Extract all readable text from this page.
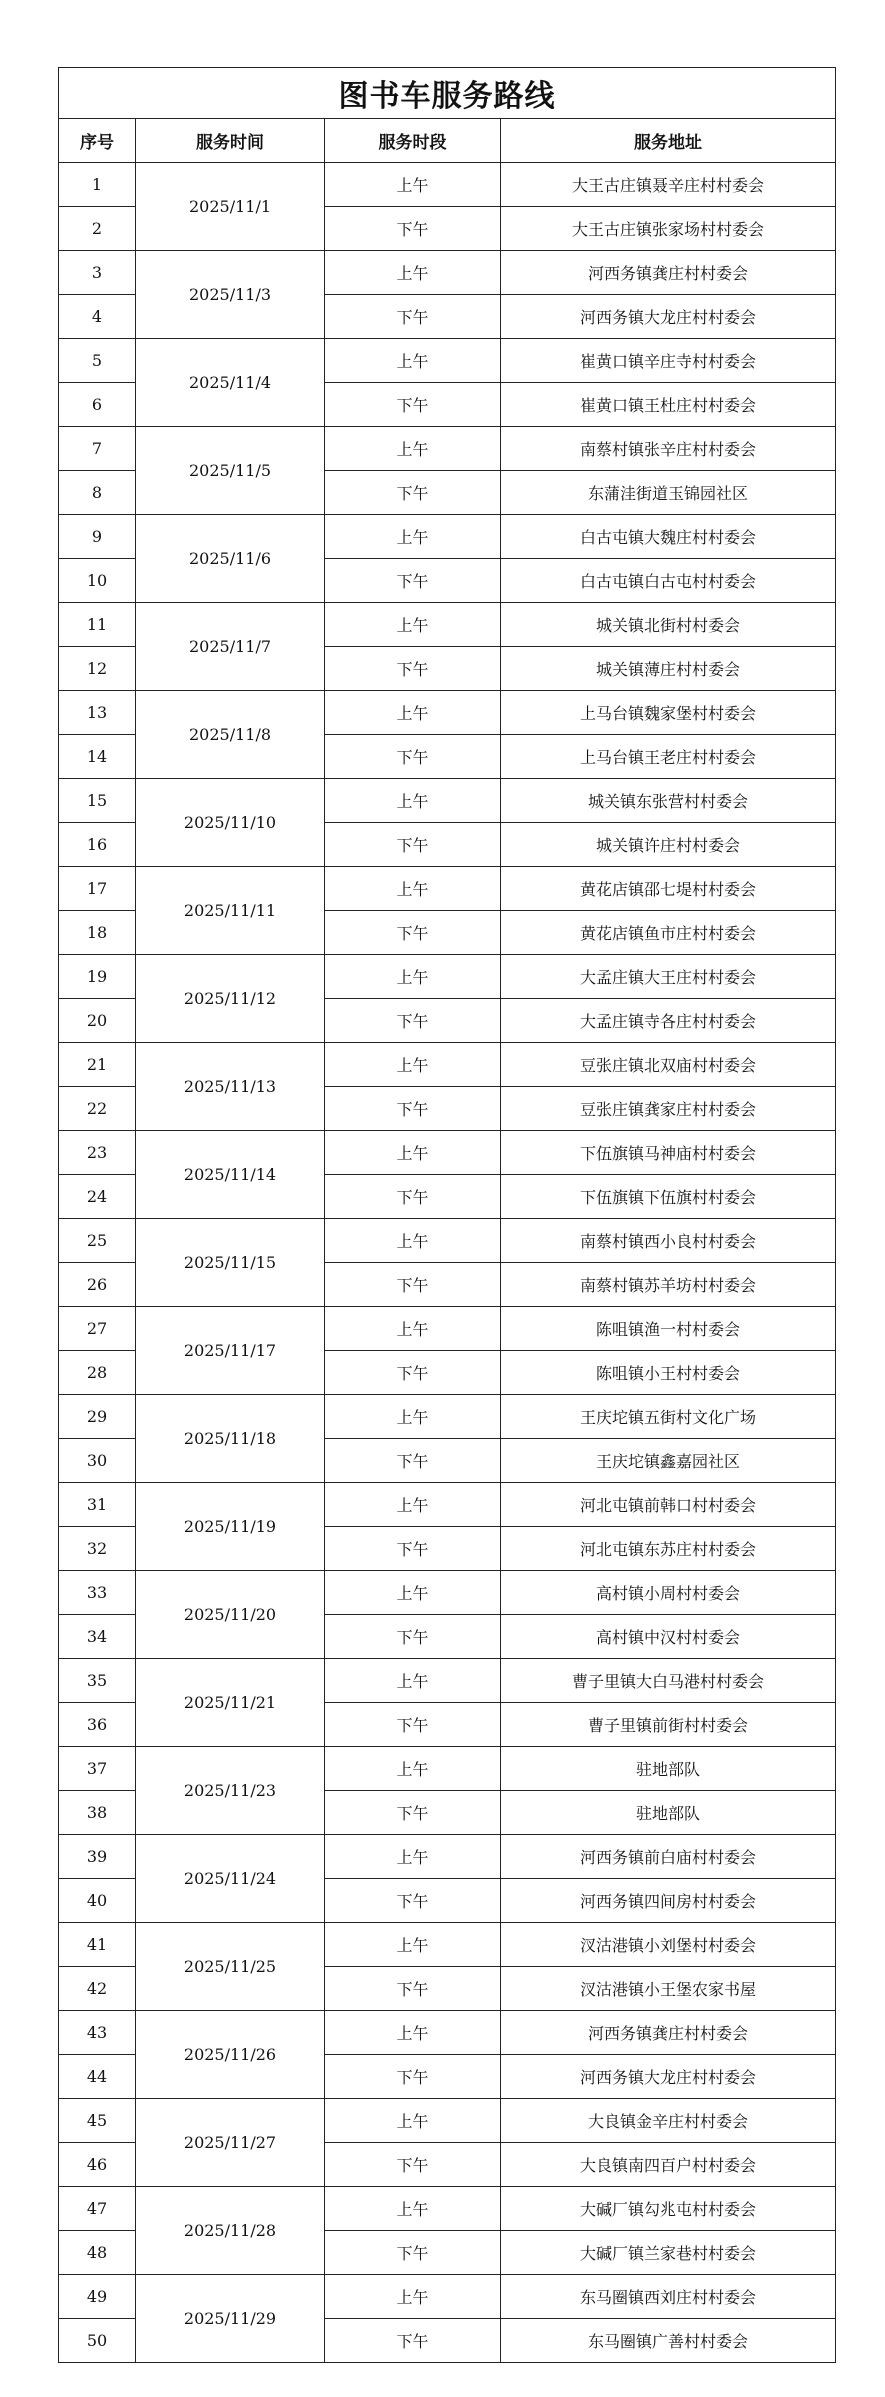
图书车服务路线			
序号	服务时间	服务时段	服务地址
1	2025/11/1	上午	大王古庄镇聂辛庄村村委会
2		下午	大王古庄镇张家场村村委会
3	2025/11/3	上午	河西务镇龚庄村村委会
4		下午	河西务镇大龙庄村村委会
5	2025/11/4	上午	崔黄口镇辛庄寺村村委会
6		下午	崔黄口镇王杜庄村村委会
7	2025/11/5	上午	南蔡村镇张辛庄村村委会
8		下午	东蒲洼街道玉锦园社区
9	2025/11/6	上午	白古屯镇大魏庄村村委会
10		下午	白古屯镇白古屯村村委会
11	2025/11/7	上午	城关镇北街村村委会
12		下午	城关镇薄庄村村委会
13	2025/11/8	上午	上马台镇魏家堡村村委会
14		下午	上马台镇王老庄村村委会
15	2025/11/10	上午	城关镇东张营村村委会
16		下午	城关镇许庄村村委会
17	2025/11/11	上午	黄花店镇邵七堤村村委会
18		下午	黄花店镇鱼市庄村村委会
19	2025/11/12	上午	大孟庄镇大王庄村村委会
20		下午	大孟庄镇寺各庄村村委会
21	2025/11/13	上午	豆张庄镇北双庙村村委会
22		下午	豆张庄镇龚家庄村村委会
23	2025/11/14	上午	下伍旗镇马神庙村村委会
24		下午	下伍旗镇下伍旗村村委会
25	2025/11/15	上午	南蔡村镇西小良村村委会
26		下午	南蔡村镇苏羊坊村村委会
27	2025/11/17	上午	陈咀镇渔一村村委会
28		下午	陈咀镇小王村村委会
29	2025/11/18	上午	王庆坨镇五街村文化广场
30		下午	王庆坨镇鑫嘉园社区
31	2025/11/19	上午	河北屯镇前韩口村村委会
32		下午	河北屯镇东苏庄村村委会
33	2025/11/20	上午	高村镇小周村村委会
34		下午	高村镇中汉村村委会
35	2025/11/21	上午	曹子里镇大白马港村村委会
36		下午	曹子里镇前街村村委会
37	2025/11/23	上午	驻地部队
38		下午	驻地部队
39	2025/11/24	上午	河西务镇前白庙村村委会
40		下午	河西务镇四间房村村委会
41	2025/11/25	上午	汊沽港镇小刘堡村村委会
42		下午	汊沽港镇小王堡农家书屋
43	2025/11/26	上午	河西务镇龚庄村村委会
44		下午	河西务镇大龙庄村村委会
45	2025/11/27	上午	大良镇金辛庄村村委会
46		下午	大良镇南四百户村村委会
47	2025/11/28	上午	大碱厂镇勾兆屯村村委会
48		下午	大碱厂镇兰家巷村村委会
49	2025/11/29	上午	东马圈镇西刘庄村村委会
50		下午	东马圈镇广善村村委会
